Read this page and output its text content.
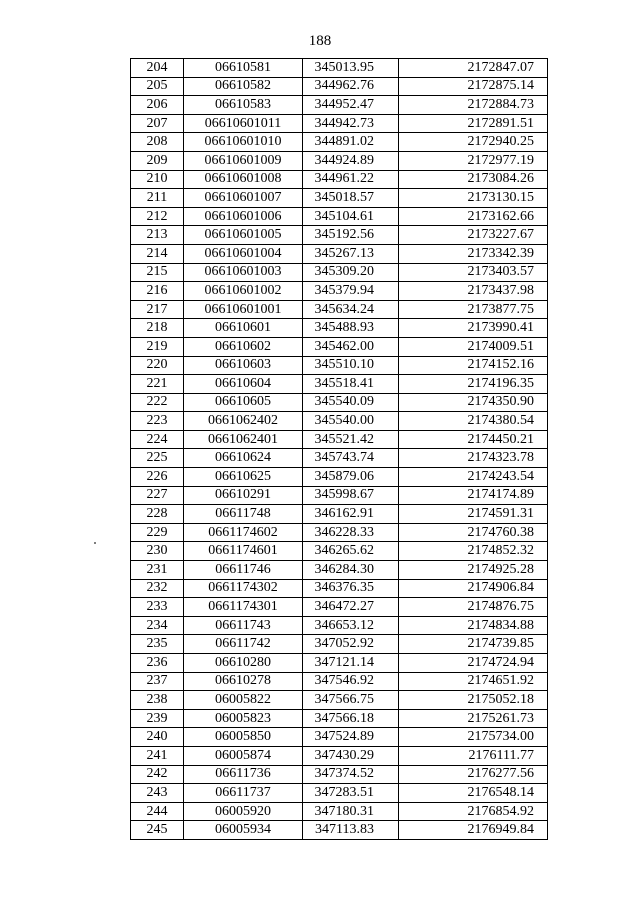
188
204	06610581	345013.95	2172847.07
205	06610582	344962.76	2172875.14
206	06610583	344952.47	2172884.73
207	06610601011	344942.73	2172891.51
208	06610601010	344891.02	2172940.25
209	06610601009	344924.89	2172977.19
210	06610601008	344961.22	2173084.26
211	06610601007	345018.57	2173130.15
212	06610601006	345104.61	2173162.66
213	06610601005	345192.56	2173227.67
214	06610601004	345267.13	2173342.39
215	06610601003	345309.20	2173403.57
216	06610601002	345379.94	2173437.98
217	06610601001	345634.24	2173877.75
218	06610601	345488.93	2173990.41
219	06610602	345462.00	2174009.51
220	06610603	345510.10	2174152.16
221	06610604	345518.41	2174196.35
222	06610605	345540.09	2174350.90
223	0661062402	345540.00	2174380.54
224	0661062401	345521.42	2174450.21
225	06610624	345743.74	2174323.78
226	06610625	345879.06	2174243.54
227	06610291	345998.67	2174174.89
228	06611748	346162.91	2174591.31
229	0661174602	346228.33	2174760.38
230	0661174601	346265.62	2174852.32
231	06611746	346284.30	2174925.28
232	0661174302	346376.35	2174906.84
233	0661174301	346472.27	2174876.75
234	06611743	346653.12	2174834.88
235	06611742	347052.92	2174739.85
236	06610280	347121.14	2174724.94
237	06610278	347546.92	2174651.92
238	06005822	347566.75	2175052.18
239	06005823	347566.18	2175261.73
240	06005850	347524.89	2175734.00
241	06005874	347430.29	2176111.77
242	06611736	347374.52	2176277.56
243	06611737	347283.51	2176548.14
244	06005920	347180.31	2176854.92
245	06005934	347113.83	2176949.84
